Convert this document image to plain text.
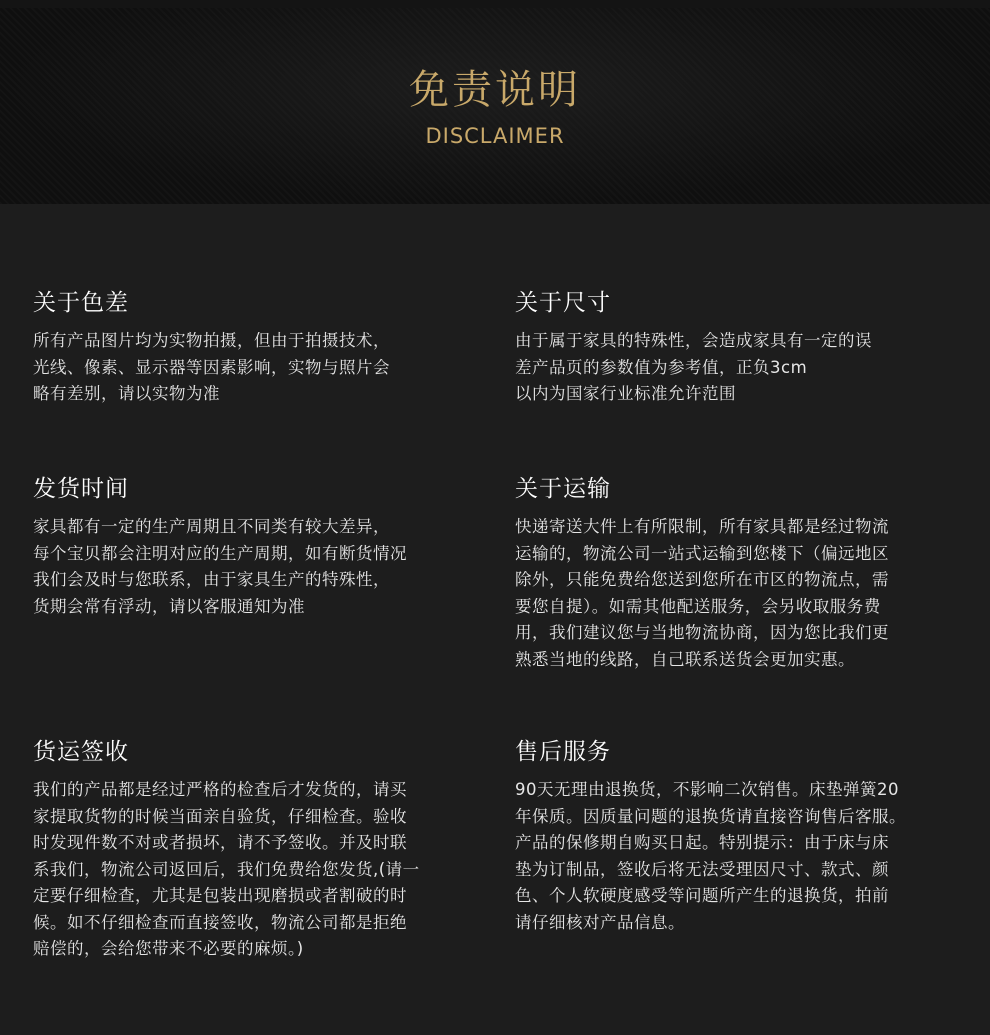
免责说明
DISCLAIMER
关于色差

所有产品图片均为实物拍摄，但由于拍摄技术，
光线、像素、显示器等因素影响，实物与照片会
略有差别，请以实物为准

关于尺寸

由于属于家具的特殊性，会造成家具有一定的误
差产品页的参数值为参考值，正负3cm
以内为国家行业标准允许范围

发货时间

家具都有一定的生产周期且不同类有较大差异，
每个宝贝都会注明对应的生产周期，如有断货情况
我们会及时与您联系，由于家具生产的特殊性，
货期会常有浮动，请以客服通知为准

关于运输

快递寄送大件上有所限制，所有家具都是经过物流
运输的，物流公司一站式运输到您楼下（偏远地区
除外，只能免费给您送到您所在市区的物流点，需
要您自提）。如需其他配送服务，会另收取服务费
用，我们建议您与当地物流协商，因为您比我们更
熟悉当地的线路，自己联系送货会更加实惠。

货运签收

我们的产品都是经过严格的检查后才发货的，请买
家提取货物的时候当面亲自验货，仔细检查。验收
时发现件数不对或者损坏，请不予签收。并及时联
系我们，物流公司返回后，我们免费给您发货,(请一
定要仔细检查，尤其是包装出现磨损或者割破的时
候。如不仔细检查而直接签收，物流公司都是拒绝
赔偿的，会给您带来不必要的麻烦。)

售后服务

90天无理由退换货，不影响二次销售。床垫弹簧20
年保质。因质量问题的退换货请直接咨询售后客服。
产品的保修期自购买日起。特别提示：由于床与床
垫为订制品，签收后将无法受理因尺寸、款式、颜
色、个人软硬度感受等问题所产生的退换货，拍前
请仔细核对产品信息。
